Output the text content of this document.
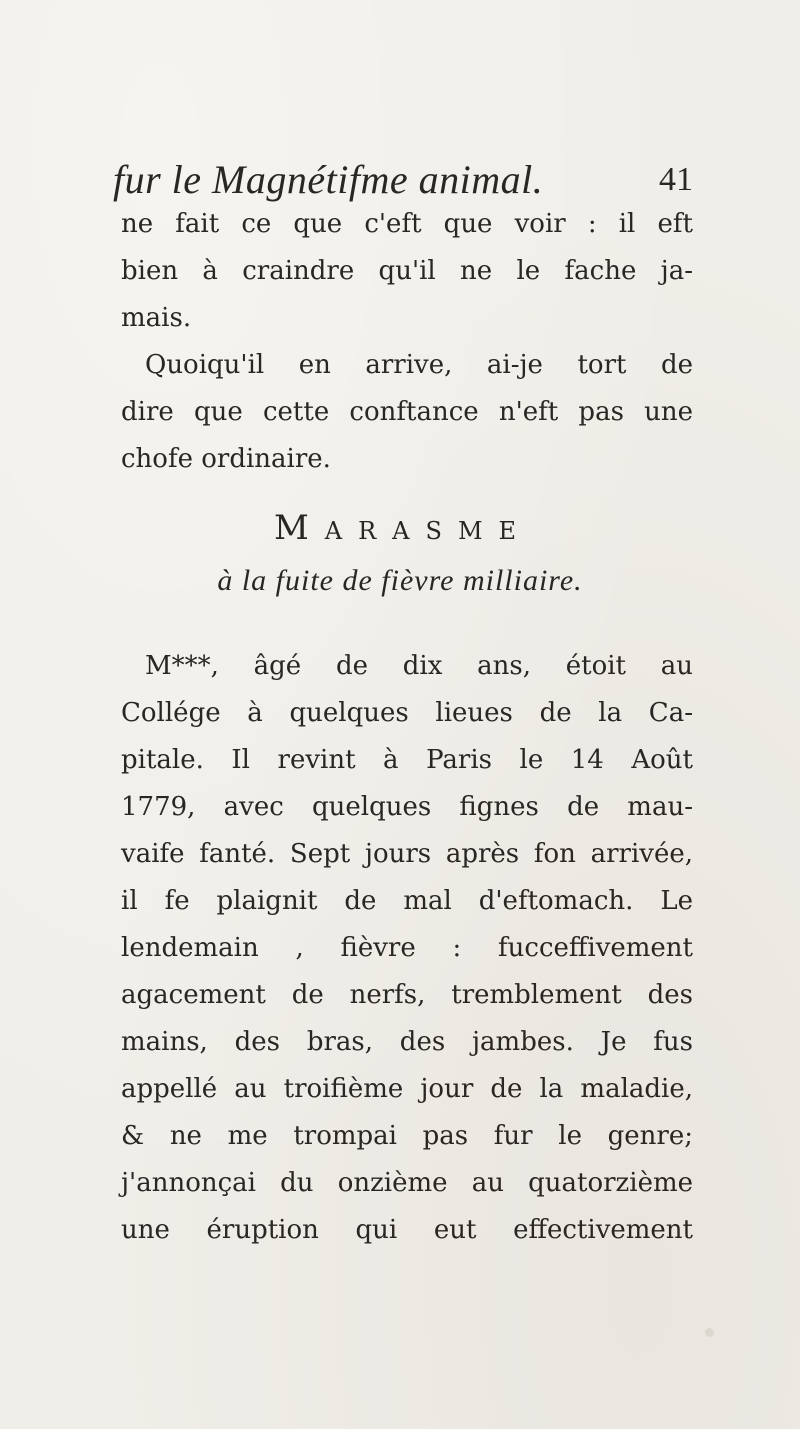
fur le Magnétifme animal.	41
ne fait ce que c'eft que voir : il eft
bien à craindre qu'il ne le fache ja-
mais.
Quoiqu'il en arrive, ai-je tort de
dire que cette conftance n'eft pas une
chofe ordinaire.
MARASME
à la fuite de fièvre milliaire.
M***, âgé de dix ans, étoit au
Collége à quelques lieues de la Ca-
pitale. Il revint à Paris le 14 Août
1779, avec quelques fignes de mau-
vaife fanté. Sept jours après fon arrivée,
il fe plaignit de mal d'eftomach. Le
lendemain , fièvre : fucceffivement
agacement de nerfs, tremblement des
mains, des bras, des jambes. Je fus
appellé au troifième jour de la maladie,
& ne me trompai pas fur le genre;
j'annonçai du onzième au quatorzième
une éruption qui eut effectivement
